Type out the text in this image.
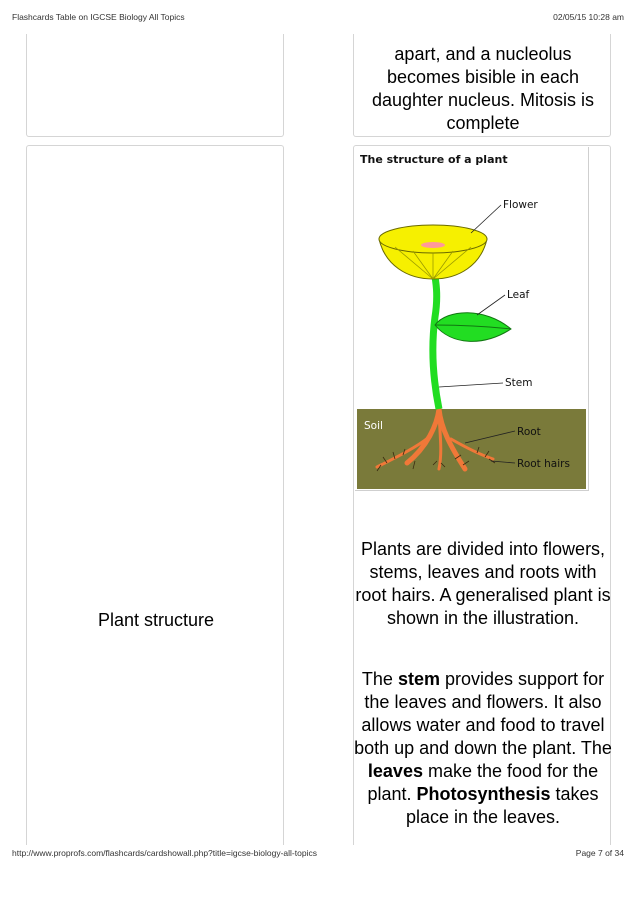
Flashcards Table on IGCSE Biology All Topics	02/05/15 10:28 am
apart, and a nucleolus becomes bisible in each daughter nucleus. Mitosis is complete
Plant structure
The structure of a plant
Soil
Flower
Leaf
Stem
Root
Root hairs
Plants are divided into flowers, stems, leaves and roots with root hairs. A generalised plant is shown in the illustration.
The stem provides support for the leaves and flowers. It also allows water and food to travel both up and down the plant. The leaves make the food for the plant. Photosynthesis takes place in the leaves.
http://www.proprofs.com/flashcards/cardshowall.php?title=igcse-biology-all-topics	Page 7 of 34
